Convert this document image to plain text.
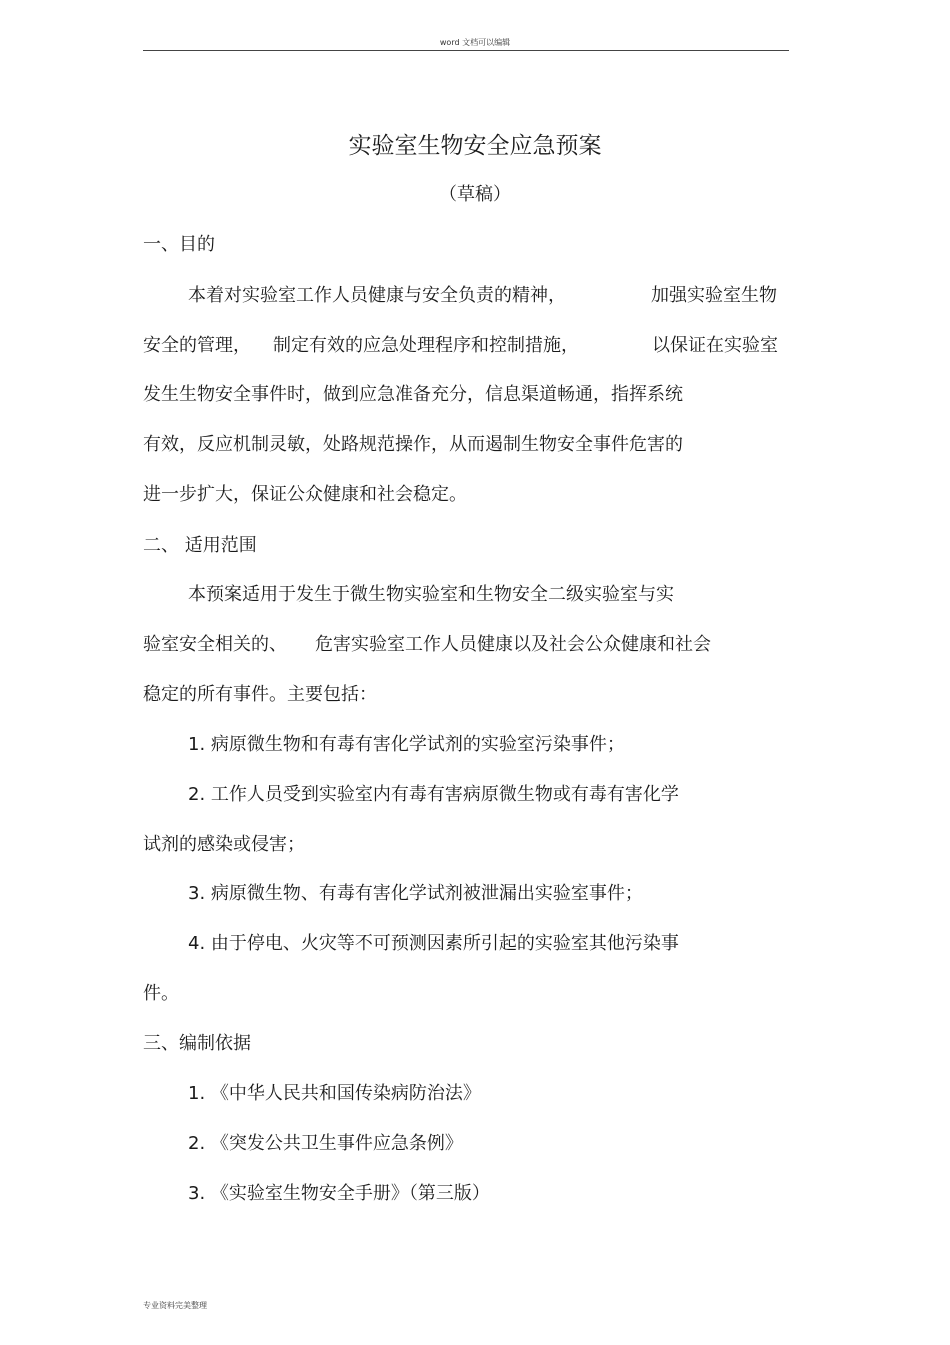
word 文档可以编辑
实验室生物安全应急预案
（草稿）
一、目的
本着对实验室工作人员健康与安全负责的精神，	加强实验室生物
安全的管理， 制定有效的应急处理程序和控制措施，	以保证在实验室
发生生物安全事件时，做到应急准备充分，信息渠道畅通，指挥系统
有效，反应机制灵敏，处路规范操作，从而遏制生物安全事件危害的
进一步扩大，保证公众健康和社会稳定。
二、 适用范围
本预案适用于发生于微生物实验室和生物安全二级实验室与实
验室安全相关的、 危害实验室工作人员健康以及社会公众健康和社会
稳定的所有事件。主要包括：
1. 病原微生物和有毒有害化学试剂的实验室污染事件；
2. 工作人员受到实验室内有毒有害病原微生物或有毒有害化学
试剂的感染或侵害；
3. 病原微生物、有毒有害化学试剂被泄漏出实验室事件；
4. 由于停电、火灾等不可预测因素所引起的实验室其他污染事
件。
三、编制依据
1. 《中华人民共和国传染病防治法》
2. 《突发公共卫生事件应急条例》
3. 《实验室生物安全手册》（第三版）
专业资料完美整理
